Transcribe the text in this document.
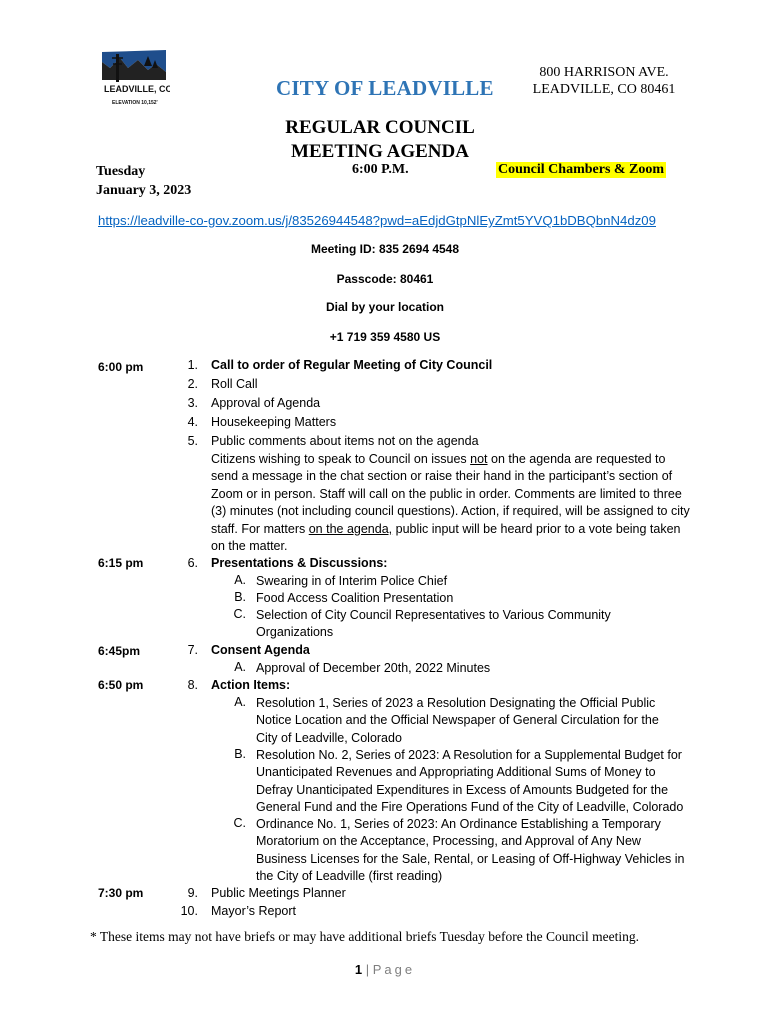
LEADVILLE, CO
ELEVATION 10,152'
CITY OF LEADVILLE
800 HARRISON AVE.
LEADVILLE, CO 80461
REGULAR COUNCIL
MEETING AGENDA
Tuesday
January 3, 2023
6:00 P.M.	Council Chambers & Zoom
https://leadville-co-gov.zoom.us/j/83526944548?pwd=aEdjdGtpNlEyZmt5YVQ1bDBQbnN4dz09
Meeting ID: 835 2694 4548
Passcode: 80461
Dial by your location
+1 719 359 4580 US
6:00 pm
6:15 pm
6:45pm
6:50 pm
7:30 pm
1. Call to order of Regular Meeting of City Council
2. Roll Call
3. Approval of Agenda
4. Housekeeping Matters
5. Public comments about items not on the agenda
Citizens wishing to speak to Council on issues not on the agenda are requested to send a message in the chat section or raise their hand in the participant’s section of Zoom or in person. Staff will call on the public in order. Comments are limited to three (3) minutes (not including council questions). Action, if required, will be assigned to city staff. For matters on the agenda, public input will be heard prior to a vote being taken on the matter.
6. Presentations & Discussions:
A. Swearing in of Interim Police Chief
B. Food Access Coalition Presentation
C. Selection of City Council Representatives to Various Community Organizations
7. Consent Agenda
A. Approval of December 20th, 2022 Minutes
8. Action Items:
A. Resolution 1, Series of 2023 a Resolution Designating the Official Public Notice Location and the Official Newspaper of General Circulation for the City of Leadville, Colorado
B. Resolution No. 2, Series of 2023: A Resolution for a Supplemental Budget for Unanticipated Revenues and Appropriating Additional Sums of Money to Defray Unanticipated Expenditures in Excess of Amounts Budgeted for the General Fund and the Fire Operations Fund of the City of Leadville, Colorado
C. Ordinance No. 1, Series of 2023: An Ordinance Establishing a Temporary Moratorium on the Acceptance, Processing, and Approval of Any New Business Licenses for the Sale, Rental, or Leasing of Off-Highway Vehicles in the City of Leadville (first reading)
9. Public Meetings Planner
10. Mayor’s Report
* These items may not have briefs or may have additional briefs Tuesday before the Council meeting.
1 | Page
